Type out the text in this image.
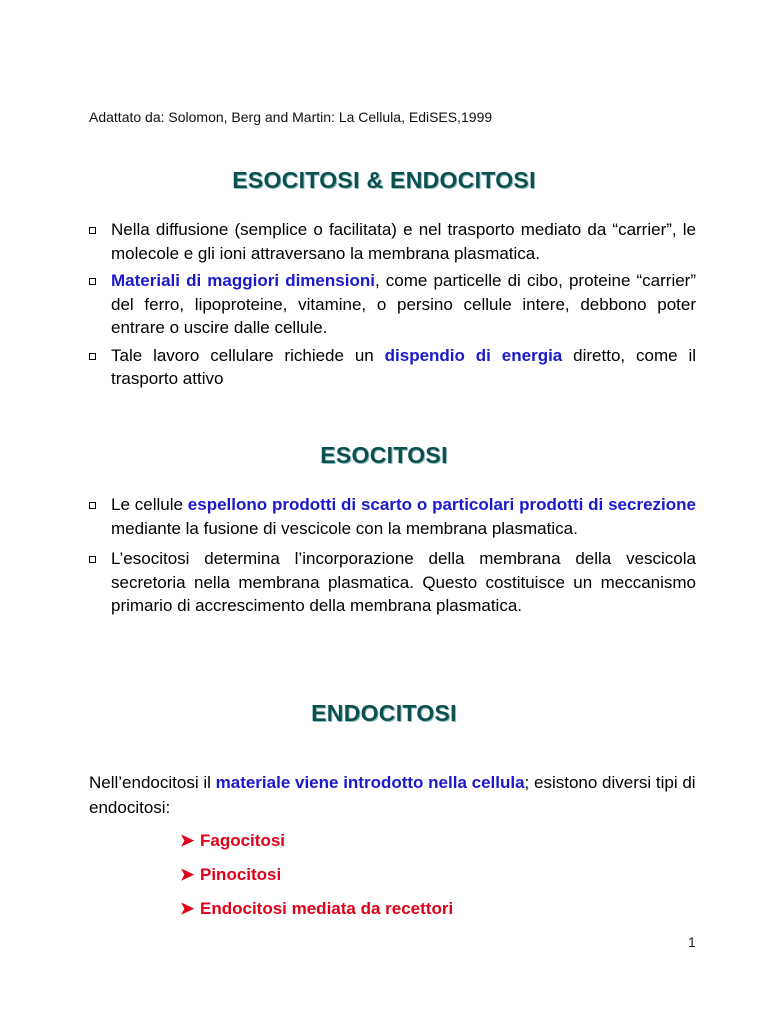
Adattato da: Solomon, Berg and Martin: La Cellula, EdiSES,1999
ESOCITOSI & ENDOCITOSI
Nella diffusione (semplice o facilitata) e nel trasporto mediato da “carrier”, le molecole e gli ioni attraversano la membrana plasmatica.
Materiali di maggiori dimensioni, come particelle di cibo, proteine “carrier” del ferro, lipoproteine, vitamine, o persino cellule intere, debbono poter entrare o uscire dalle cellule.
Tale lavoro cellulare richiede un dispendio di energia diretto, come il trasporto attivo
ESOCITOSI
Le cellule espellono prodotti di scarto o particolari prodotti di secrezione mediante la fusione di vescicole con la membrana plasmatica.
L’esocitosi determina l’incorporazione della membrana della vescicola secretoria nella membrana plasmatica. Questo costituisce un meccanismo primario di accrescimento della membrana plasmatica.
ENDOCITOSI
Nell’endocitosi il materiale viene introdotto nella cellula; esistono diversi tipi di endocitosi:
➤ Fagocitosi
➤ Pinocitosi
➤ Endocitosi mediata da recettori
1
